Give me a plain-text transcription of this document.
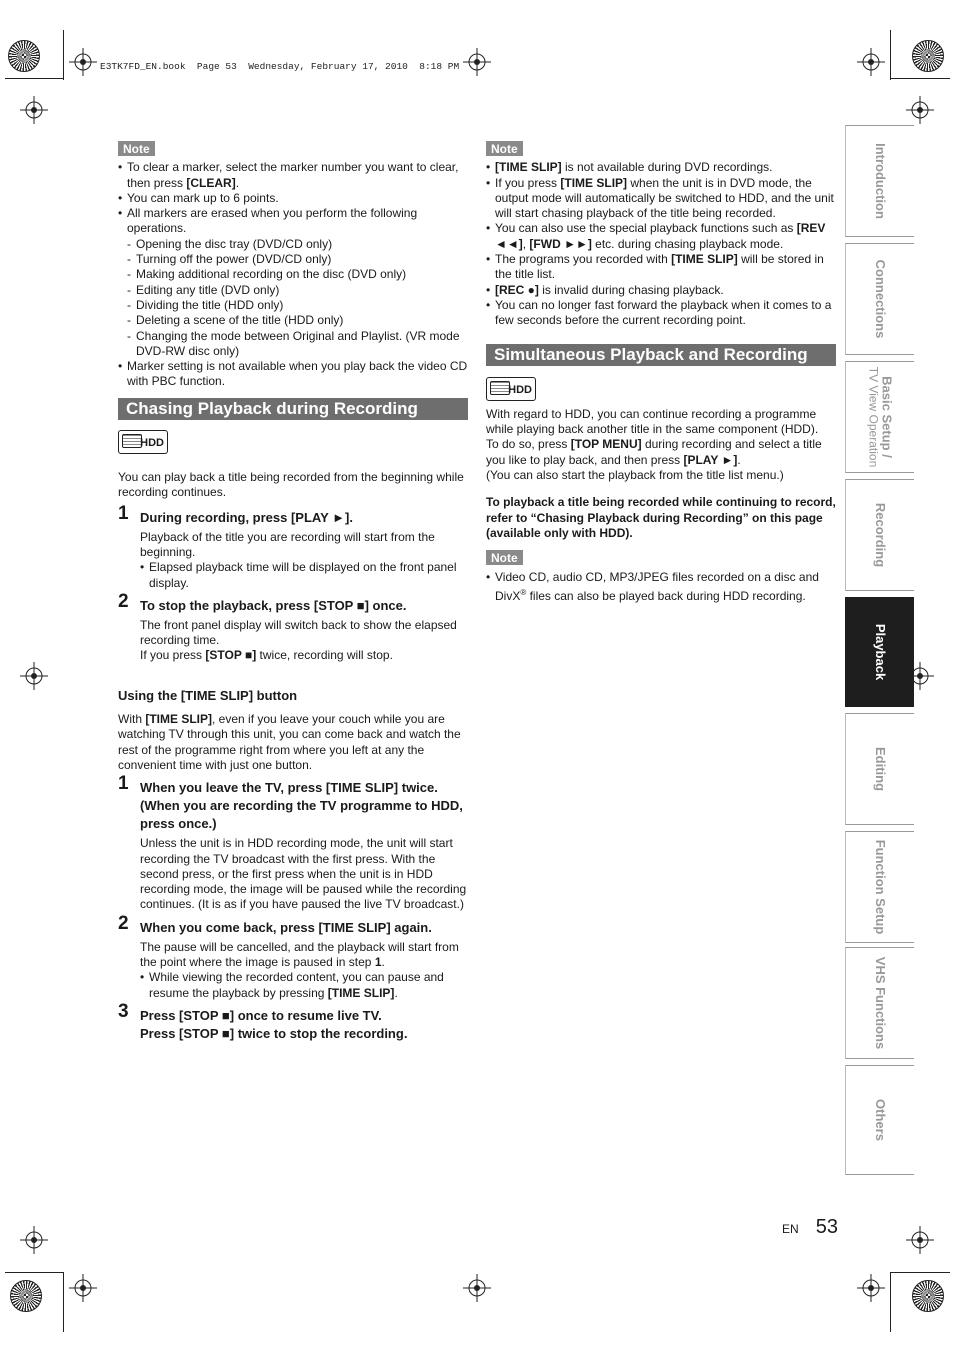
E3TK7FD_EN.book  Page 53  Wednesday, February 17, 2010  8:18 PM
Note
• To clear a marker, select the marker number you want to clear, then press [CLEAR].
• You can mark up to 6 points.
• All markers are erased when you perform the following operations.
- Opening the disc tray (DVD/CD only)
- Turning off the power (DVD/CD only)
- Making additional recording on the disc (DVD only)
- Editing any title (DVD only)
- Dividing the title (HDD only)
- Deleting a scene of the title (HDD only)
- Changing the mode between Original and Playlist. (VR mode DVD-RW disc only)
• Marker setting is not available when you play back the video CD with PBC function.
Chasing Playback during Recording
HDD

You can play back a title being recorded from the beginning while recording continues.

1 During recording, press [PLAY ►].
Playback of the title you are recording will start from the beginning.
• Elapsed playback time will be displayed on the front panel display.
2 To stop the playback, press [STOP ■] once.
The front panel display will switch back to show the elapsed recording time.
If you press [STOP ■] twice, recording will stop.
Using the [TIME SLIP] button

With [TIME SLIP], even if you leave your couch while you are watching TV through this unit, you can come back and watch the rest of the programme right from where you left at any the convenient time with just one button.

1 When you leave the TV, press [TIME SLIP] twice. (When you are recording the TV programme to HDD, press once.)
Unless the unit is in HDD recording mode, the unit will start recording the TV broadcast with the first press. With the second press, or the first press when the unit is in HDD recording mode, the image will be paused while the recording continues. (It is as if you have paused the live TV broadcast.)
2 When you come back, press [TIME SLIP] again.
The pause will be cancelled, and the playback will start from the point where the image is paused in step 1.
• While viewing the recorded content, you can pause and resume the playback by pressing [TIME SLIP].
3 Press [STOP ■] once to resume live TV.
Press [STOP ■] twice to stop the recording.
Note
• [TIME SLIP] is not available during DVD recordings.
• If you press [TIME SLIP] when the unit is in DVD mode, the output mode will automatically be switched to HDD, and the unit will start chasing playback of the title being recorded.
• You can also use the special playback functions such as [REV ◄◄], [FWD ►►] etc. during chasing playback mode.
• The programs you recorded with [TIME SLIP] will be stored in the title list.
• [REC ●] is invalid during chasing playback.
• You can no longer fast forward the playback when it comes to a few seconds before the current recording point.
Simultaneous Playback and Recording
HDD

With regard to HDD, you can continue recording a programme while playing back another title in the same component (HDD).

To do so, press [TOP MENU] during recording and select a title you like to play back, and then press [PLAY ►].

(You can also start the playback from the title list menu.)

To playback a title being recorded while continuing to record, refer to “Chasing Playback during Recording” on this page (available only with HDD).

Note
• Video CD, audio CD, MP3/JPEG files recorded on a disc and DivX® files can also be played back during HDD recording.
Introduction
Connections
Basic Setup /
TV View Operation
Recording
Playback
Editing
Function Setup
VHS Functions
Others
EN 53
